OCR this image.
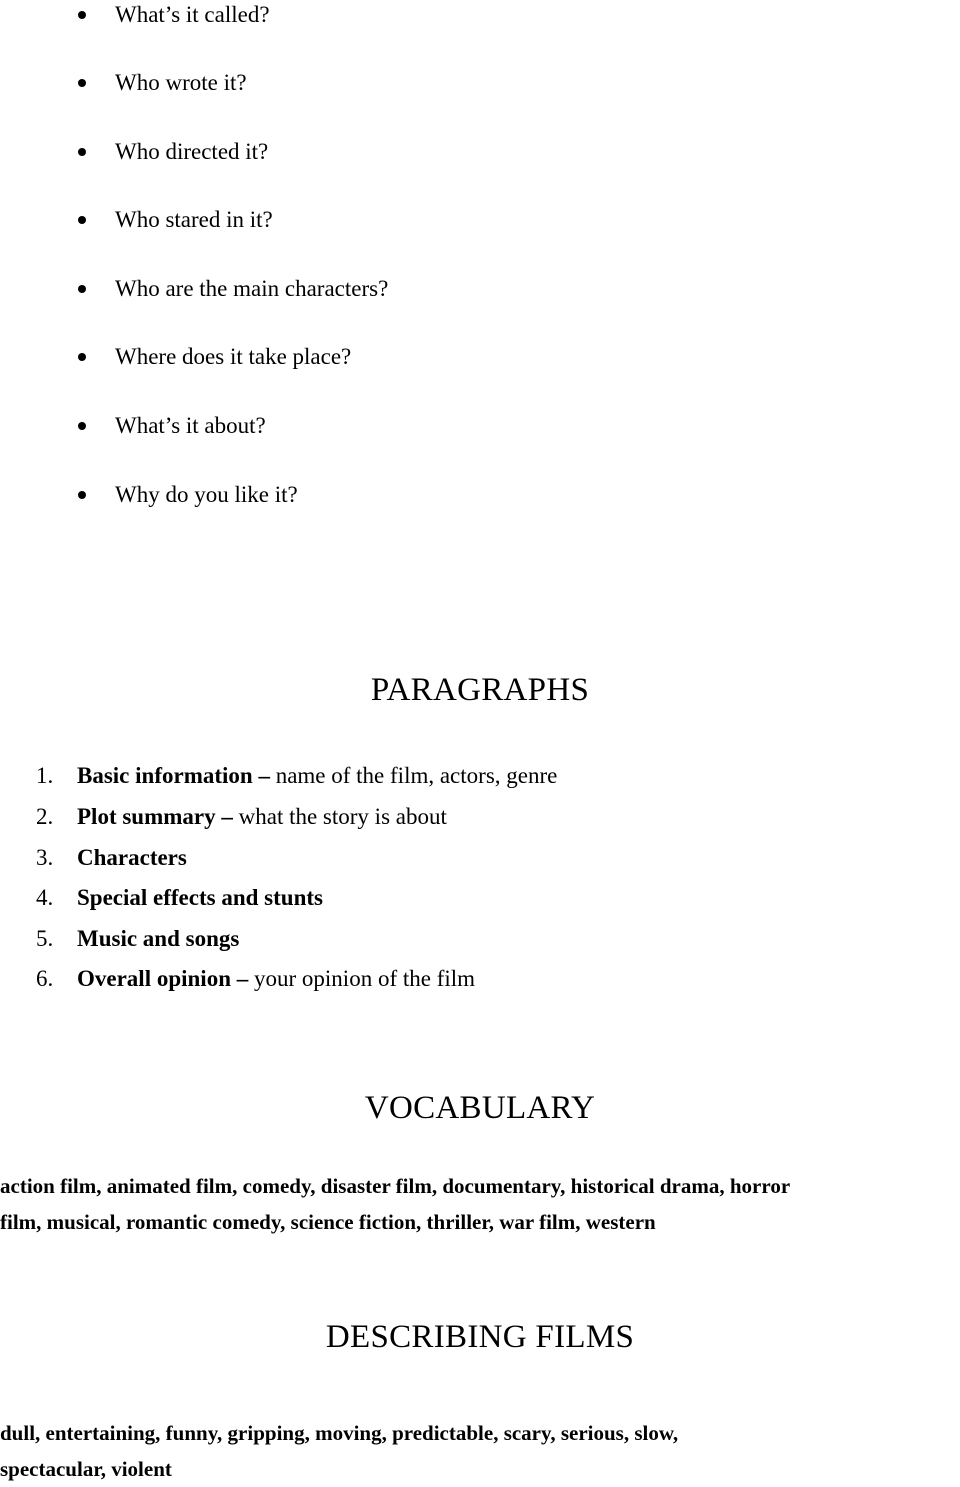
What’s it called?
Who wrote it?
Who directed it?
Who stared in it?
Who are the main characters?
Where does it take place?
What’s it about?
Why do you like it?
PARAGRAPHS
1. Basic information – name of the film, actors, genre
2. Plot summary – what the story is about
3. Characters
4. Special effects and stunts
5. Music and songs
6. Overall opinion – your opinion of the film
VOCABULARY
action film, animated film, comedy, disaster film, documentary, historical drama, horror
film, musical, romantic comedy, science fiction, thriller, war film, western
DESCRIBING FILMS
dull, entertaining, funny, gripping, moving, predictable, scary, serious, slow,
spectacular, violent
